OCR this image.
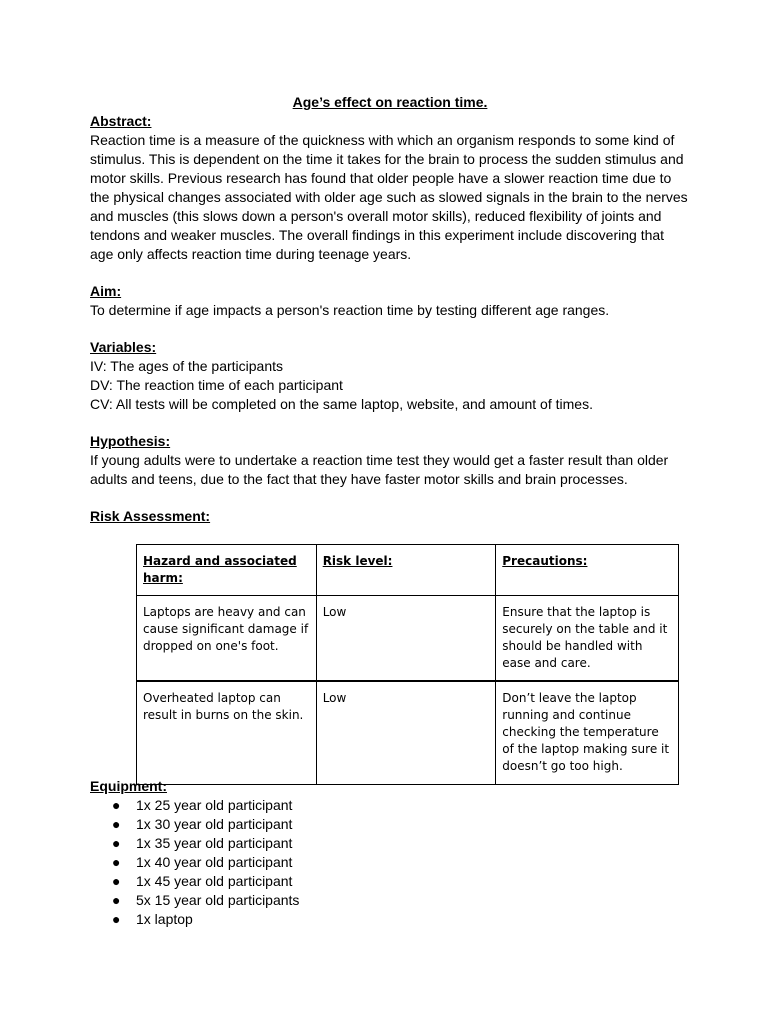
Age’s effect on reaction time.

Abstract:

Reaction time is a measure of the quickness with which an organism responds to some kind of stimulus. This is dependent on the time it takes for the brain to process the sudden stimulus and motor skills. Previous research has found that older people have a slower reaction time due to the physical changes associated with older age such as slowed signals in the brain to the nerves and muscles (this slows down a person's overall motor skills), reduced flexibility of joints and tendons and weaker muscles. The overall findings in this experiment include discovering that age only affects reaction time during teenage years.

Aim:

To determine if age impacts a person's reaction time by testing different age ranges.

Variables:

IV: The ages of the participants

DV: The reaction time of each participant

CV: All tests will be completed on the same laptop, website, and amount of times.

Hypothesis:

If young adults were to undertake a reaction time test they would get a faster result than older adults and teens, due to the fact that they have faster motor skills and brain processes.

Risk Assessment:

Hazard and associated harm:	Risk level:	Precautions:
Laptops are heavy and can cause significant damage if dropped on one's foot.	Low	Ensure that the laptop is securely on the table and it should be handled with ease and care.
Overheated laptop can result in burns on the skin.	Low	Don’t leave the laptop running and continue checking the temperature of the laptop making sure it doesn’t go too high.

Equipment:

● 1x 25 year old participant
● 1x 30 year old participant
● 1x 35 year old participant
● 1x 40 year old participant
● 1x 45 year old participant
● 5x 15 year old participants
● 1x laptop
